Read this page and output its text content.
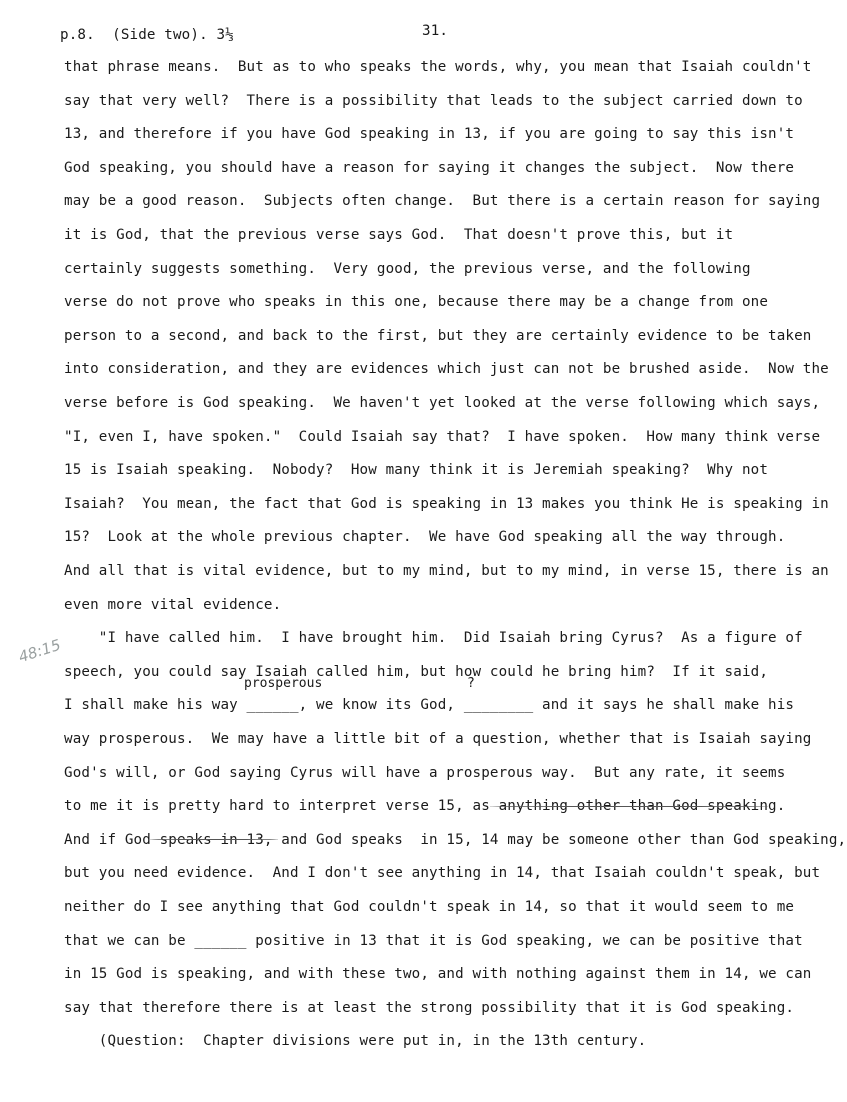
p.8.  (Side two). 3⅓	31.
48:15
prosperous	?
that phrase means.  But as to who speaks the words, why, you mean that Isaiah couldn't
say that very well?  There is a possibility that leads to the subject carried down to
13, and therefore if you have God speaking in 13, if you are going to say this isn't
God speaking, you should have a reason for saying it changes the subject.  Now there
may be a good reason.  Subjects often change.  But there is a certain reason for saying
it is God, that the previous verse says God.  That doesn't prove this, but it
certainly suggests something.  Very good, the previous verse, and the following
verse do not prove who speaks in this one, because there may be a change from one
person to a second, and back to the first, but they are certainly evidence to be taken
into consideration, and they are evidences which just can not be brushed aside.  Now the
verse before is God speaking.  We haven't yet looked at the verse following which says,
"I, even I, have spoken."  Could Isaiah say that?  I have spoken.  How many think verse
15 is Isaiah speaking.  Nobody?  How many think it is Jeremiah speaking?  Why not
Isaiah?  You mean, the fact that God is speaking in 13 makes you think He is speaking in
15?  Look at the whole previous chapter.  We have God speaking all the way through.
And all that is vital evidence, but to my mind, but to my mind, in verse 15, there is an
even more vital evidence.
"I have called him.  I have brought him.  Did Isaiah bring Cyrus?  As a figure of
speech, you could say Isaiah called him, but how could he bring him?  If it said,
I shall make his way ______, we know its God, ________ and it says he shall make his
way prosperous.  We may have a little bit of a question, whether that is Isaiah saying
God's will, or God saying Cyrus will have a prosperous way.  But any rate, it seems
to me it is pretty hard to interpret verse 15, as anything other than God speaking.
And if God speaks in 13, and God speaks  in 15, 14 may be someone other than God speaking,
but you need evidence.  And I don't see anything in 14, that Isaiah couldn't speak, but
neither do I see anything that God couldn't speak in 14, so that it would seem to me
that we can be ______ positive in 13 that it is God speaking, we can be positive that
in 15 God is speaking, and with these two, and with nothing against them in 14, we can
say that therefore there is at least the strong possibility that it is God speaking.
(Question:  Chapter divisions were put in, in the 13th century.
